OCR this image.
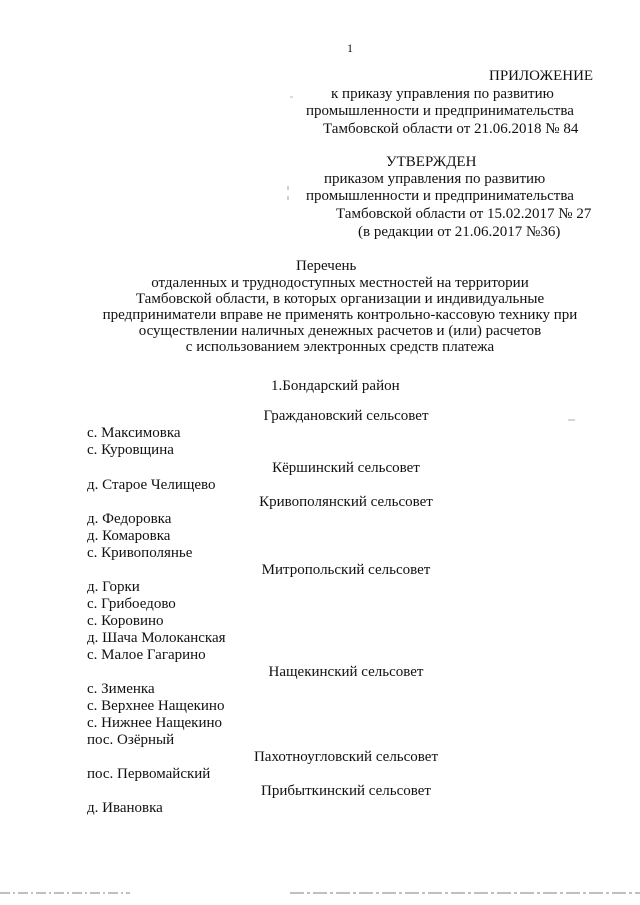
1
ПРИЛОЖЕНИЕ
к приказу управления по развитию
промышленности и предпринимательства
Тамбовской области от 21.06.2018 № 84
УТВЕРЖДЕН
приказом управления по развитию
промышленности и предпринимательства
Тамбовской области от 15.02.2017 № 27
(в редакции от 21.06.2017 №36)
Перечень
отдаленных и труднодоступных местностей на территории
Тамбовской области, в которых организации и индивидуальные
предприниматели вправе не применять контрольно-кассовую технику при
осуществлении наличных денежных расчетов и (или) расчетов
с использованием электронных средств платежа
1.Бондарский район
Граждановский сельсовет
с. Максимовка
с. Куровщина
Кёршинский сельсовет
д. Старое Челищево
Кривополянский сельсовет
д. Федоровка
д. Комаровка
с. Кривополянье
Митропольский сельсовет
д. Горки
с. Грибоедово
с. Коровино
д. Шача Молоканская
с. Малое Гагарино
Нащекинский сельсовет
с. Зименка
с. Верхнее Нащекино
с. Нижнее Нащекино
пос. Озёрный
Пахотноугловский сельсовет
пос. Первомайский
Прибыткинский сельсовет
д. Ивановка
